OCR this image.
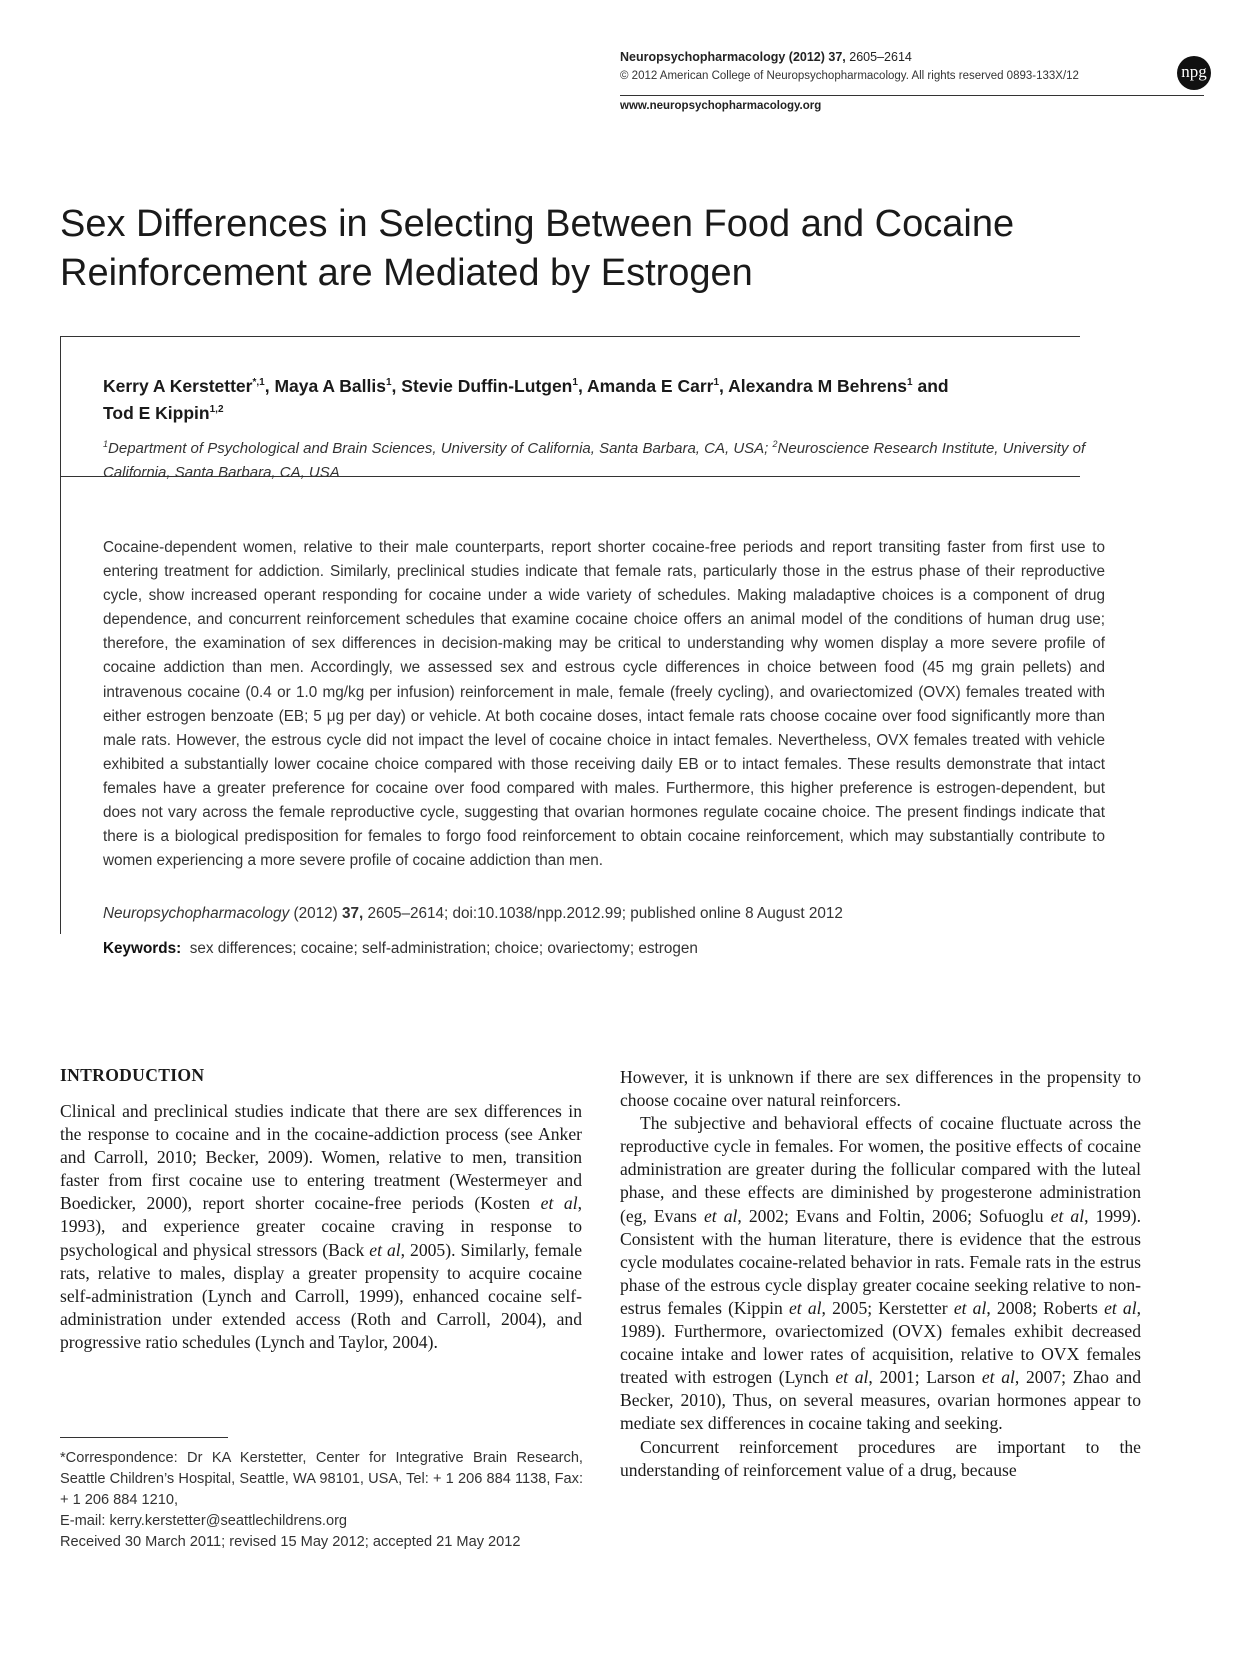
Neuropsychopharmacology (2012) 37, 2605–2614
© 2012 American College of Neuropsychopharmacology. All rights reserved 0893-133X/12	npg
www.neuropsychopharmacology.org
Sex Differences in Selecting Between Food and Cocaine
Reinforcement are Mediated by Estrogen
Kerry A Kerstetter$^{*,1}$, Maya A Ballis$^1$, Stevie Duffin-Lutgen$^1$, Amanda E Carr$^1$, Alexandra M Behrens$^1$ and
Tod E Kippin$^{1,2}$
$^1$Department of Psychological and Brain Sciences, University of California, Santa Barbara, CA, USA; $^2$Neuroscience Research Institute, University of California, Santa Barbara, CA, USA

Cocaine-dependent women, relative to their male counterparts, report shorter cocaine-free periods and report transiting faster from first use to entering treatment for addiction. Similarly, preclinical studies indicate that female rats, particularly those in the estrus phase of their reproductive cycle, show increased operant responding for cocaine under a wide variety of schedules. Making maladaptive choices is a component of drug dependence, and concurrent reinforcement schedules that examine cocaine choice offers an animal model of the conditions of human drug use; therefore, the examination of sex differences in decision-making may be critical to understanding why women display a more severe profile of cocaine addiction than men. Accordingly, we assessed sex and estrous cycle differences in choice between food (45 mg grain pellets) and intravenous cocaine (0.4 or 1.0 mg/kg per infusion) reinforcement in male, female (freely cycling), and ovariectomized (OVX) females treated with either estrogen benzoate (EB; 5 μg per day) or vehicle. At both cocaine doses, intact female rats choose cocaine over food significantly more than male rats. However, the estrous cycle did not impact the level of cocaine choice in intact females. Nevertheless, OVX females treated with vehicle exhibited a substantially lower cocaine choice compared with those receiving daily EB or to intact females. These results demonstrate that intact females have a greater preference for cocaine over food compared with males. Furthermore, this higher preference is estrogen-dependent, but does not vary across the female reproductive cycle, suggesting that ovarian hormones regulate cocaine choice. The present findings indicate that there is a biological predisposition for females to forgo food reinforcement to obtain cocaine reinforcement, which may substantially contribute to women experiencing a more severe profile of cocaine addiction than men.

Neuropsychopharmacology (2012) 37, 2605–2614; doi:10.1038/npp.2012.99; published online 8 August 2012
Keywords: sex differences; cocaine; self-administration; choice; ovariectomy; estrogen
INTRODUCTION

Clinical and preclinical studies indicate that there are sex differences in the response to cocaine and in the cocaine-addiction process (see Anker and Carroll, 2010; Becker, 2009). Women, relative to men, transition faster from first cocaine use to entering treatment (Westermeyer and Boedicker, 2000), report shorter cocaine-free periods (Kosten et al, 1993), and experience greater cocaine craving in response to psychological and physical stressors (Back et al, 2005). Similarly, female rats, relative to males, display a greater propensity to acquire cocaine self-administration (Lynch and Carroll, 1999), enhanced cocaine self-administration under extended access (Roth and Carroll, 2004), and progressive ratio schedules (Lynch and Taylor, 2004).

However, it is unknown if there are sex differences in the propensity to choose cocaine over natural reinforcers.

The subjective and behavioral effects of cocaine fluctuate across the reproductive cycle in females. For women, the positive effects of cocaine administration are greater during the follicular compared with the luteal phase, and these effects are diminished by progesterone administration (eg, Evans et al, 2002; Evans and Foltin, 2006; Sofuoglu et al, 1999). Consistent with the human literature, there is evidence that the estrous cycle modulates cocaine-related behavior in rats. Female rats in the estrus phase of the estrous cycle display greater cocaine seeking relative to non-estrus females (Kippin et al, 2005; Kerstetter et al, 2008; Roberts et al, 1989). Furthermore, ovariectomized (OVX) females exhibit decreased cocaine intake and lower rates of acquisition, relative to OVX females treated with estrogen (Lynch et al, 2001; Larson et al, 2007; Zhao and Becker, 2010), Thus, on several measures, ovarian hormones appear to mediate sex differences in cocaine taking and seeking.

Concurrent reinforcement procedures are important to the understanding of reinforcement value of a drug, because

*Correspondence: Dr KA Kerstetter, Center for Integrative Brain Research, Seattle Children’s Hospital, Seattle, WA 98101, USA, Tel: + 1 206 884 1138, Fax: + 1 206 884 1210,

E-mail: kerry.kerstetter@seattlechildrens.org

Received 30 March 2011; revised 15 May 2012; accepted 21 May 2012
